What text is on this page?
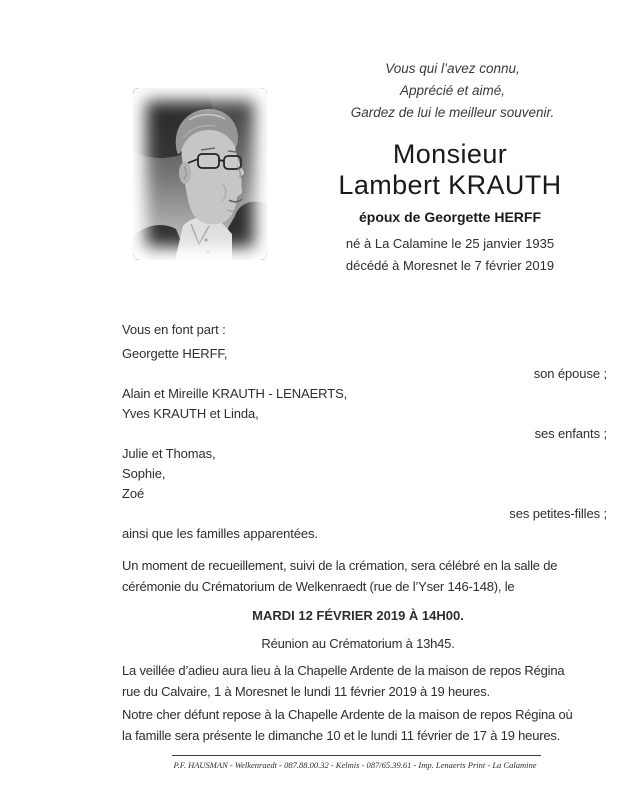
Vous qui l’avez connu,
Apprécié et aimé,
Gardez de lui le meilleur souvenir.
Monsieur
Lambert KRAUTH
époux de Georgette HERFF
né à La Calamine le 25 janvier 1935
décédé à Moresnet le 7 février 2019
Vous en font part :
Georgette HERFF,
son épouse ;
Alain et Mireille KRAUTH - LENAERTS,
Yves KRAUTH et Linda,
ses enfants ;
Julie et Thomas,
Sophie,
Zoé
ses petites-filles ;
ainsi que les familles apparentées.
Un moment de recueillement, suivi de la crémation, sera célébré en la salle de
cérémonie du Crématorium de Welkenraedt (rue de l’Yser 146-148), le
MARDI 12 FÉVRIER 2019 À 14H00.
Réunion au Crématorium à 13h45.
La veillée d’adieu aura lieu à la Chapelle Ardente de la maison de repos Régina
rue du Calvaire, 1 à Moresnet le lundi 11 février 2019 à 19 heures.
Notre cher défunt repose à la Chapelle Ardente de la maison de repos Régina où
la famille sera présente le dimanche 10 et le lundi 11 février de 17 à 19 heures.
P.F. HAUSMAN - Welkenraedt - 087.88.00.32 - Kelmis - 087/65.39.61 - Imp. Lenaerts Print - La Calamine
